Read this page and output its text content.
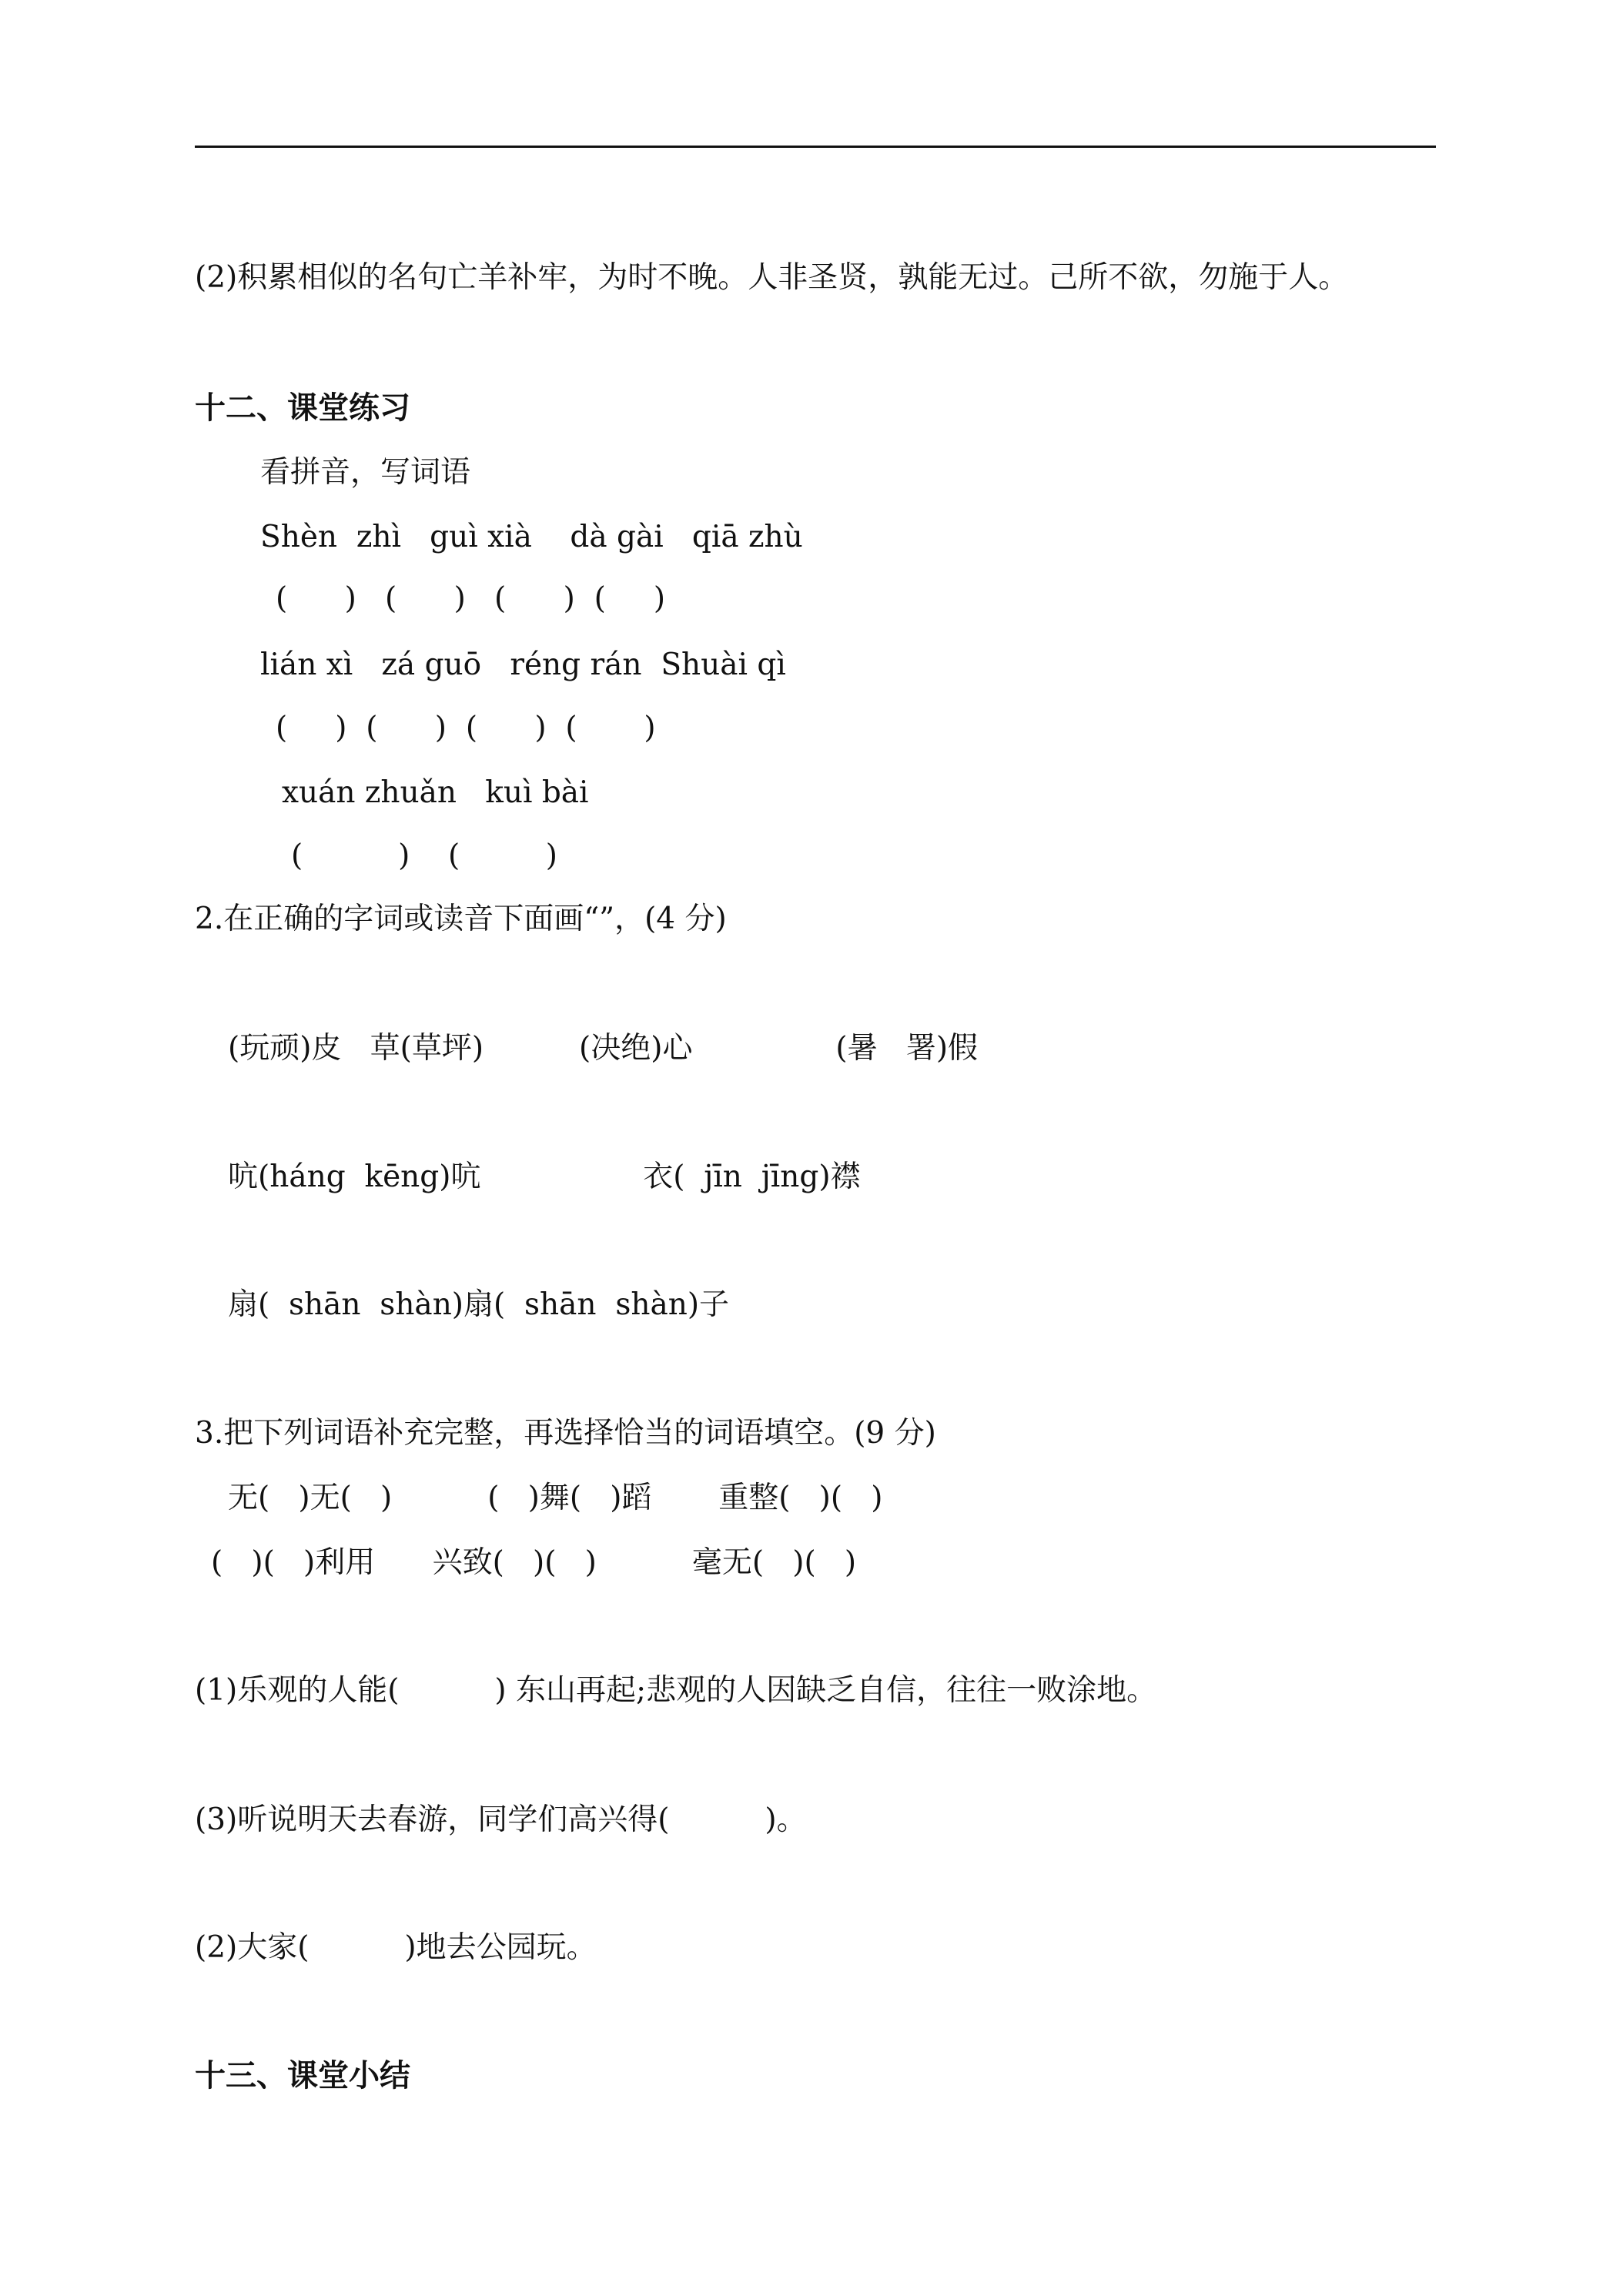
(2)积累相似的名句亡羊补牢，为时不晚。人非圣贤，孰能无过。己所不欲，勿施于人。
十二、课堂练习
看拼音，写词语
Shèn  zhì   guì xià    dà gài   qiā zhù
(      )   (      )   (      )  (     )
lián xì   zá guō   réng rán  Shuài qì
(     )  (      )  (      )  (       )
xuán zhuǎn   kuì bài
(          )    (         )
2.在正确的字词或读音下面画“”，(4 分)
(玩顽)皮   草(草坪)          (决绝)心               (暑   署)假
吭(háng  kēng)吭                 衣(  jīn  jīng)襟
扇(  shān  shàn)扇(  shān  shàn)子
3.把下列词语补充完整，再选择恰当的词语填空。(9 分)
无(   )无(   )          (   )舞(   )蹈       重整(   )(   )
(   )(   )利用      兴致(   )(   )          毫无(   )(   )
(1)乐观的人能(          ) 东山再起;悲观的人因缺乏自信，往往一败涂地。
(3)听说明天去春游，同学们高兴得(          )。
(2)大家(          )地去公园玩。
十三、课堂小结
